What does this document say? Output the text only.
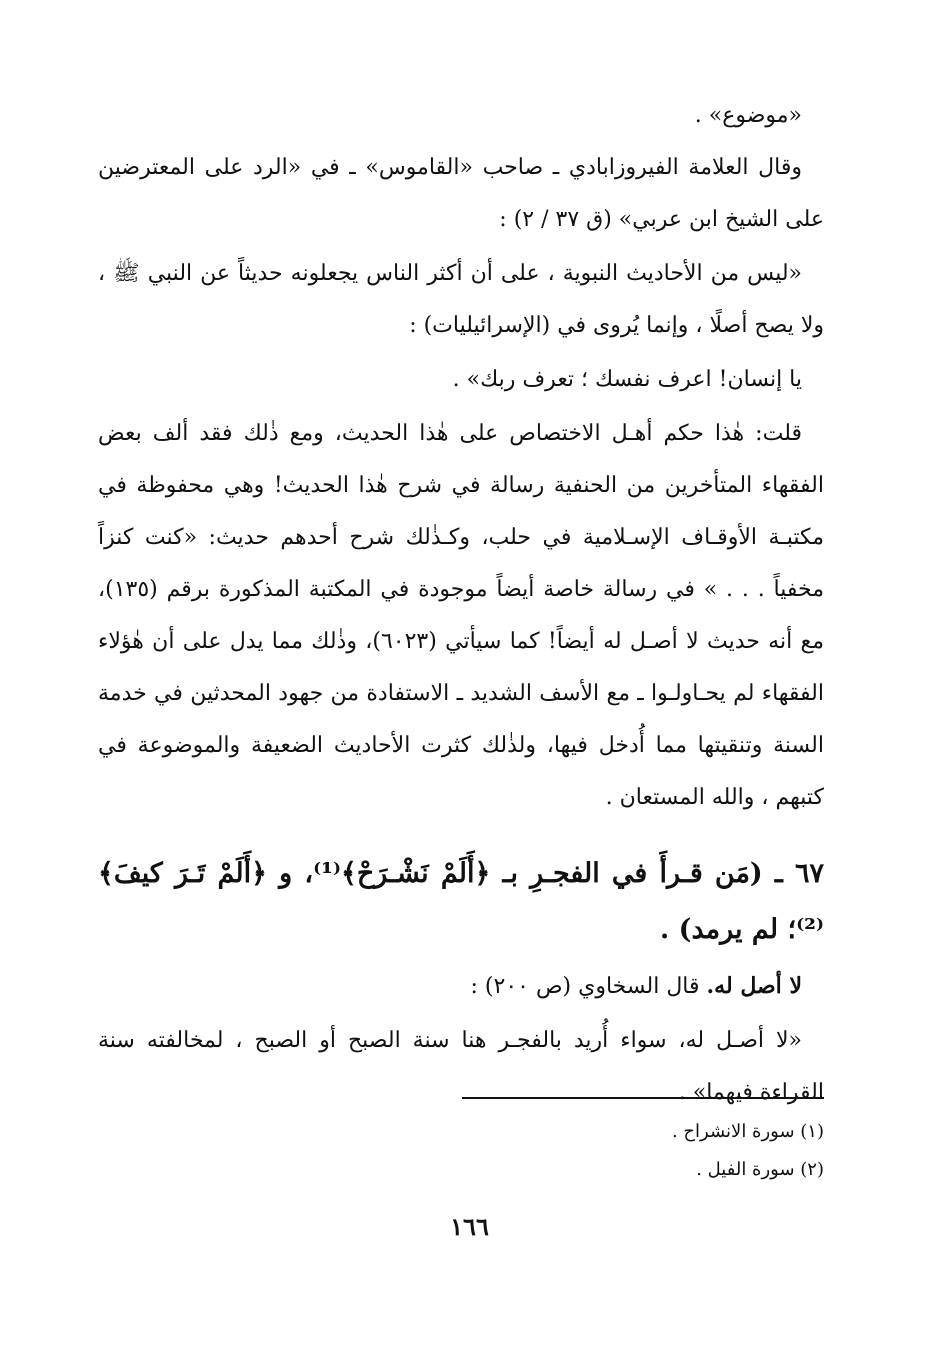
«موضوع» .

وقال العلامة الفيروزابادي ـ صاحب «القاموس» ـ في «الرد على المعترضين على الشيخ ابن عربي» (ق ٣٧ / ٢) :

«ليس من الأحاديث النبوية ، على أن أكثر الناس يجعلونه حديثاً عن النبي ﷺ ، ولا يصح أصلًا ، وإنما يُروى في (الإسرائيليات) :

يا إنسان! اعرف نفسك ؛ تعرف ربك» .

قلت: هٰذا حكم أهـل الاختصاص على هٰذا الحديث، ومع ذٰلك فقد ألف بعض الفقهاء المتأخرين من الحنفية رسالة في شرح هٰذا الحديث! وهي محفوظة في مكتبـة الأوقـاف الإسـلامية في حلب، وكـذٰلك شرح أحدهم حديث: «كنت كنزاً مخفياً . . . » في رسالة خاصة أيضاً موجودة في المكتبة المذكورة برقم (١٣٥)، مع أنه حديث لا أصـل له أيضاً! كما سيأتي (٦٠٢٣)، وذٰلك مما يدل على أن هٰؤلاء الفقهاء لم يحـاولـوا ـ مع الأسف الشديد ـ الاستفادة من جهود المحدثين في خدمة السنة وتنقيتها مما أُدخل فيها، ولذٰلك كثرت الأحاديث الضعيفة والموضوعة في كتبهم ، والله المستعان .

٦٧ ـ (مَن قـرأَ في الفجـرِ بـ ﴿أَلَمْ نَشْـرَحْ﴾⁽¹⁾، و ﴿أَلَمْ تَـرَ كيفَ﴾⁽²⁾؛ لم يرمد) .

لا أصل له. قال السخاوي (ص ٢٠٠) :

«لا أصـل له، سواء أُريد بالفجـر هنا سنة الصبح أو الصبح ، لمخالفته سنة القراءة فيهما» .

(١) سورة الانشراح .
(٢) سورة الفيل .
١٦٦
